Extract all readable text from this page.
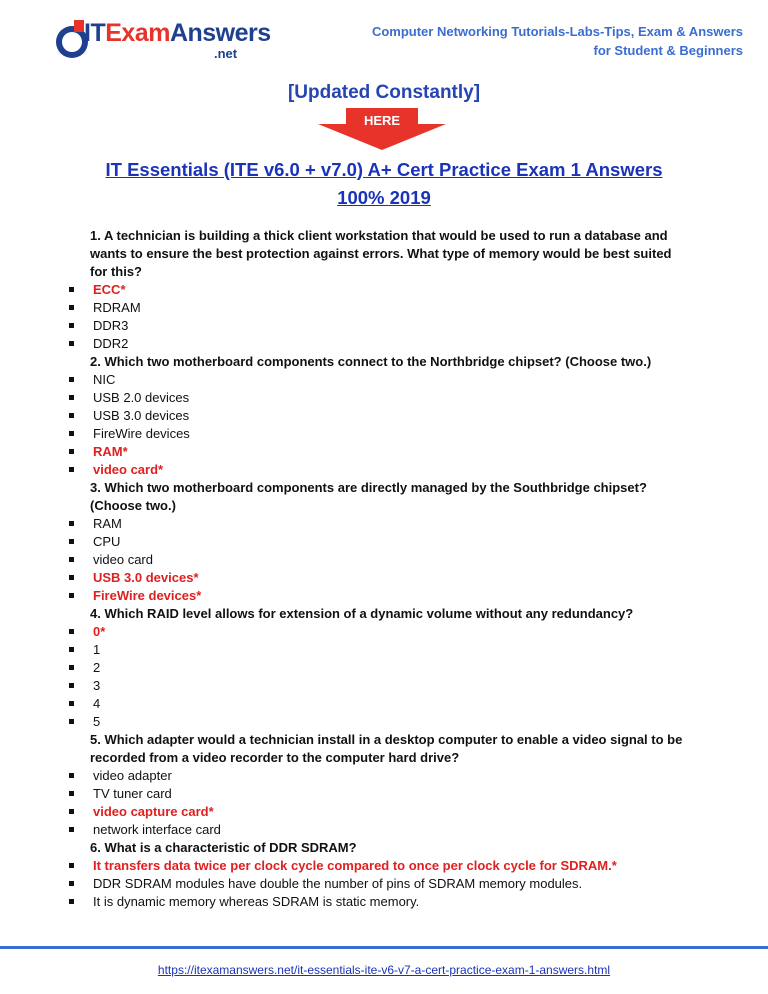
ITExamAnswers
.net
Computer Networking Tutorials-Labs-Tips, Exam & Answers
for Student & Beginners
[Updated Constantly]
HERE
IT Essentials (ITE v6.0 + v7.0) A+ Cert Practice Exam 1 Answers
100% 2019
1. A technician is building a thick client workstation that would be used to run a database and wants to ensure the best protection against errors. What type of memory would be best suited for this?
ECC*
RDRAM
DDR3
DDR2
2. Which two motherboard components connect to the Northbridge chipset? (Choose two.)
NIC
USB 2.0 devices
USB 3.0 devices
FireWire devices
RAM*
video card*
3. Which two motherboard components are directly managed by the Southbridge chipset? (Choose two.)
RAM
CPU
video card
USB 3.0 devices*
FireWire devices*
4. Which RAID level allows for extension of a dynamic volume without any redundancy?
0*
1
2
3
4
5
5. Which adapter would a technician install in a desktop computer to enable a video signal to be recorded from a video recorder to the computer hard drive?
video adapter
TV tuner card
video capture card*
network interface card
6. What is a characteristic of DDR SDRAM?
It transfers data twice per clock cycle compared to once per clock cycle for SDRAM.*
DDR SDRAM modules have double the number of pins of SDRAM memory modules.
It is dynamic memory whereas SDRAM is static memory.
https://itexamanswers.net/it-essentials-ite-v6-v7-a-cert-practice-exam-1-answers.html
